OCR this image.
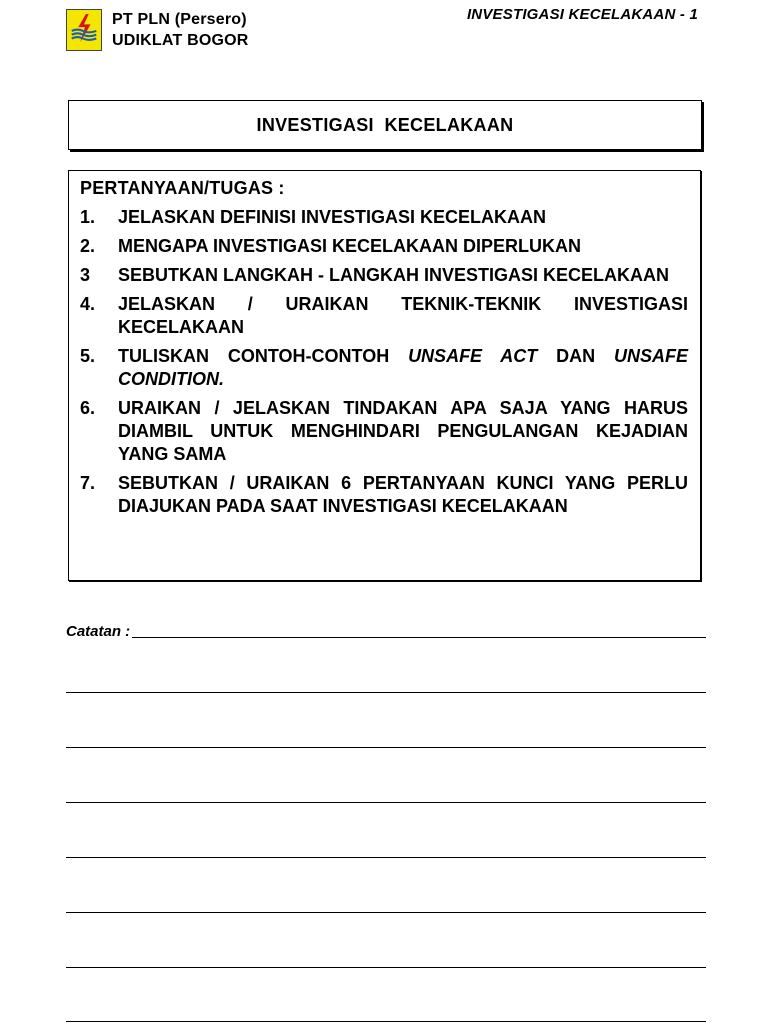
PT PLN (Persero)
UDIKLAT BOGOR
INVESTIGASI KECELAKAAN - 1
INVESTIGASI  KECELAKAAN
PERTANYAAN/TUGAS :
1.	JELASKAN DEFINISI INVESTIGASI KECELAKAAN
2.	MENGAPA INVESTIGASI KECELAKAAN DIPERLUKAN
3	SEBUTKAN LANGKAH - LANGKAH INVESTIGASI KECELAKAAN
4.	JELASKAN / URAIKAN TEKNIK-TEKNIK INVESTIGASI KECELAKAAN
5.	TULISKAN CONTOH-CONTOH UNSAFE ACT DAN UNSAFE CONDITION.
6.	URAIKAN / JELASKAN TINDAKAN APA SAJA YANG HARUS DIAMBIL UNTUK MENGHINDARI PENGULANGAN KEJADIAN YANG SAMA
7.	SEBUTKAN / URAIKAN 6 PERTANYAAN KUNCI YANG PERLU DIAJUKAN PADA SAAT INVESTIGASI KECELAKAAN
Catatan :
